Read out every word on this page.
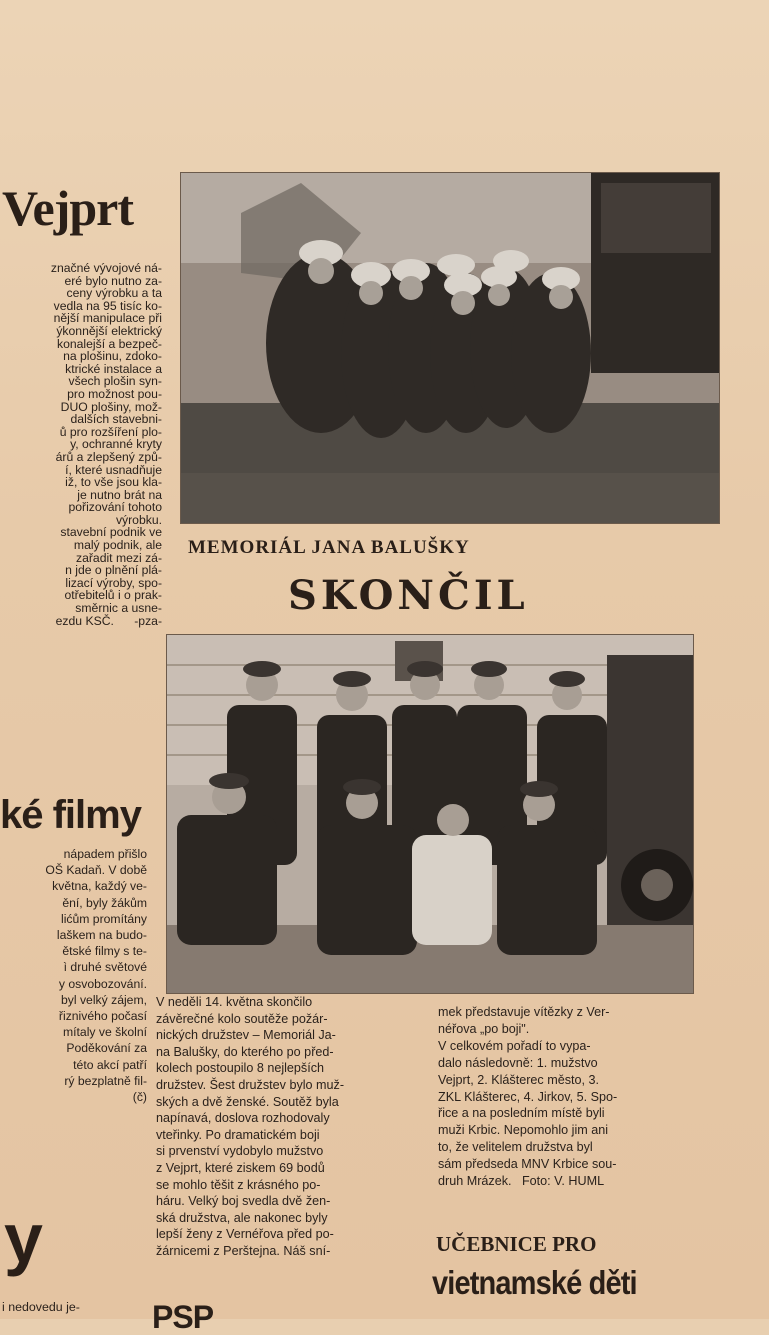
Vejprt
značné vývojové ná-
eré bylo nutno za-
ceny výrobku a ta
vedla na 95 tisíc ko-
nější manipulace při
ýkonnější elektrický
konalejší a bezpeč-
na plošinu, zdoko-
ktrické instalace a
všech plošin syn-
pro možnost pou-
DUO plošiny, mož-
dalších stavebni-
ů pro rozšíření plo-
y, ochranné kryty
árů a zlepšený způ-
í, které usnadňuje
iž, to vše jsou kla-
je nutno brát na
pořizování tohoto
výrobku.
stavební podnik ve
malý podnik, ale
zařadit mezi zá-
n jde o plnění plá-
lizací výroby, spo-
otřebitelů i o prak-
směrnic a usne-
ezdu KSČ.      -pza-
ké filmy
nápadem přišlo
OŠ Kadaň. V době
května, každý ve-
ění, byly žákům
lićům promítány
laškem na budo-
ětské filmy s te-
ì druhé světové
y osvobozování.
byl velký zájem,
řiznivého počasí
mítaly ve školní
Poděkování za
této akcí patří
rý bezplatně fil-
(č)
y
i nedovedu je- PSP
MEMORIÁL JANA BALUŠKY
SKONČIL
V neděli 14. května skončilo
závěrečné kolo soutěže požár-
nických družstev – Memoriál Ja-
na Balušky, do kterého po před-
kolech postoupilo 8 nejlepších
družstev. Šest družstev bylo muž-
ských a dvě ženské. Soutěž byla
napínavá, doslova rozhodovaly
vteřinky. Po dramatickém boji
si prvenství vydobylo mužstvo
z Vejprt, které ziskem 69 bodů
se mohlo těšit z krásného po-
háru. Velký boj svedla dvě žen-
ská družstva, ale nakonec byly
lepší ženy z Vernéřova před po-
žárnicemi z Perštejna. Náš sní-
mek představuje vítězky z Ver-
néřova „po boji".
V celkovém pořadí to vypa-
dalo následovně: 1. mužstvo
Vejprt, 2. Klášterec město, 3.
ZKL Klášterec, 4. Jirkov, 5. Spo-
řice a na posledním místě byli
muži Krbic. Nepomohlo jim ani
to, že velitelem družstva byl
sám předseda MNV Krbice sou-
druh Mrázek.   Foto: V. HUML
UČEBNICE PRO
vietnamské děti
